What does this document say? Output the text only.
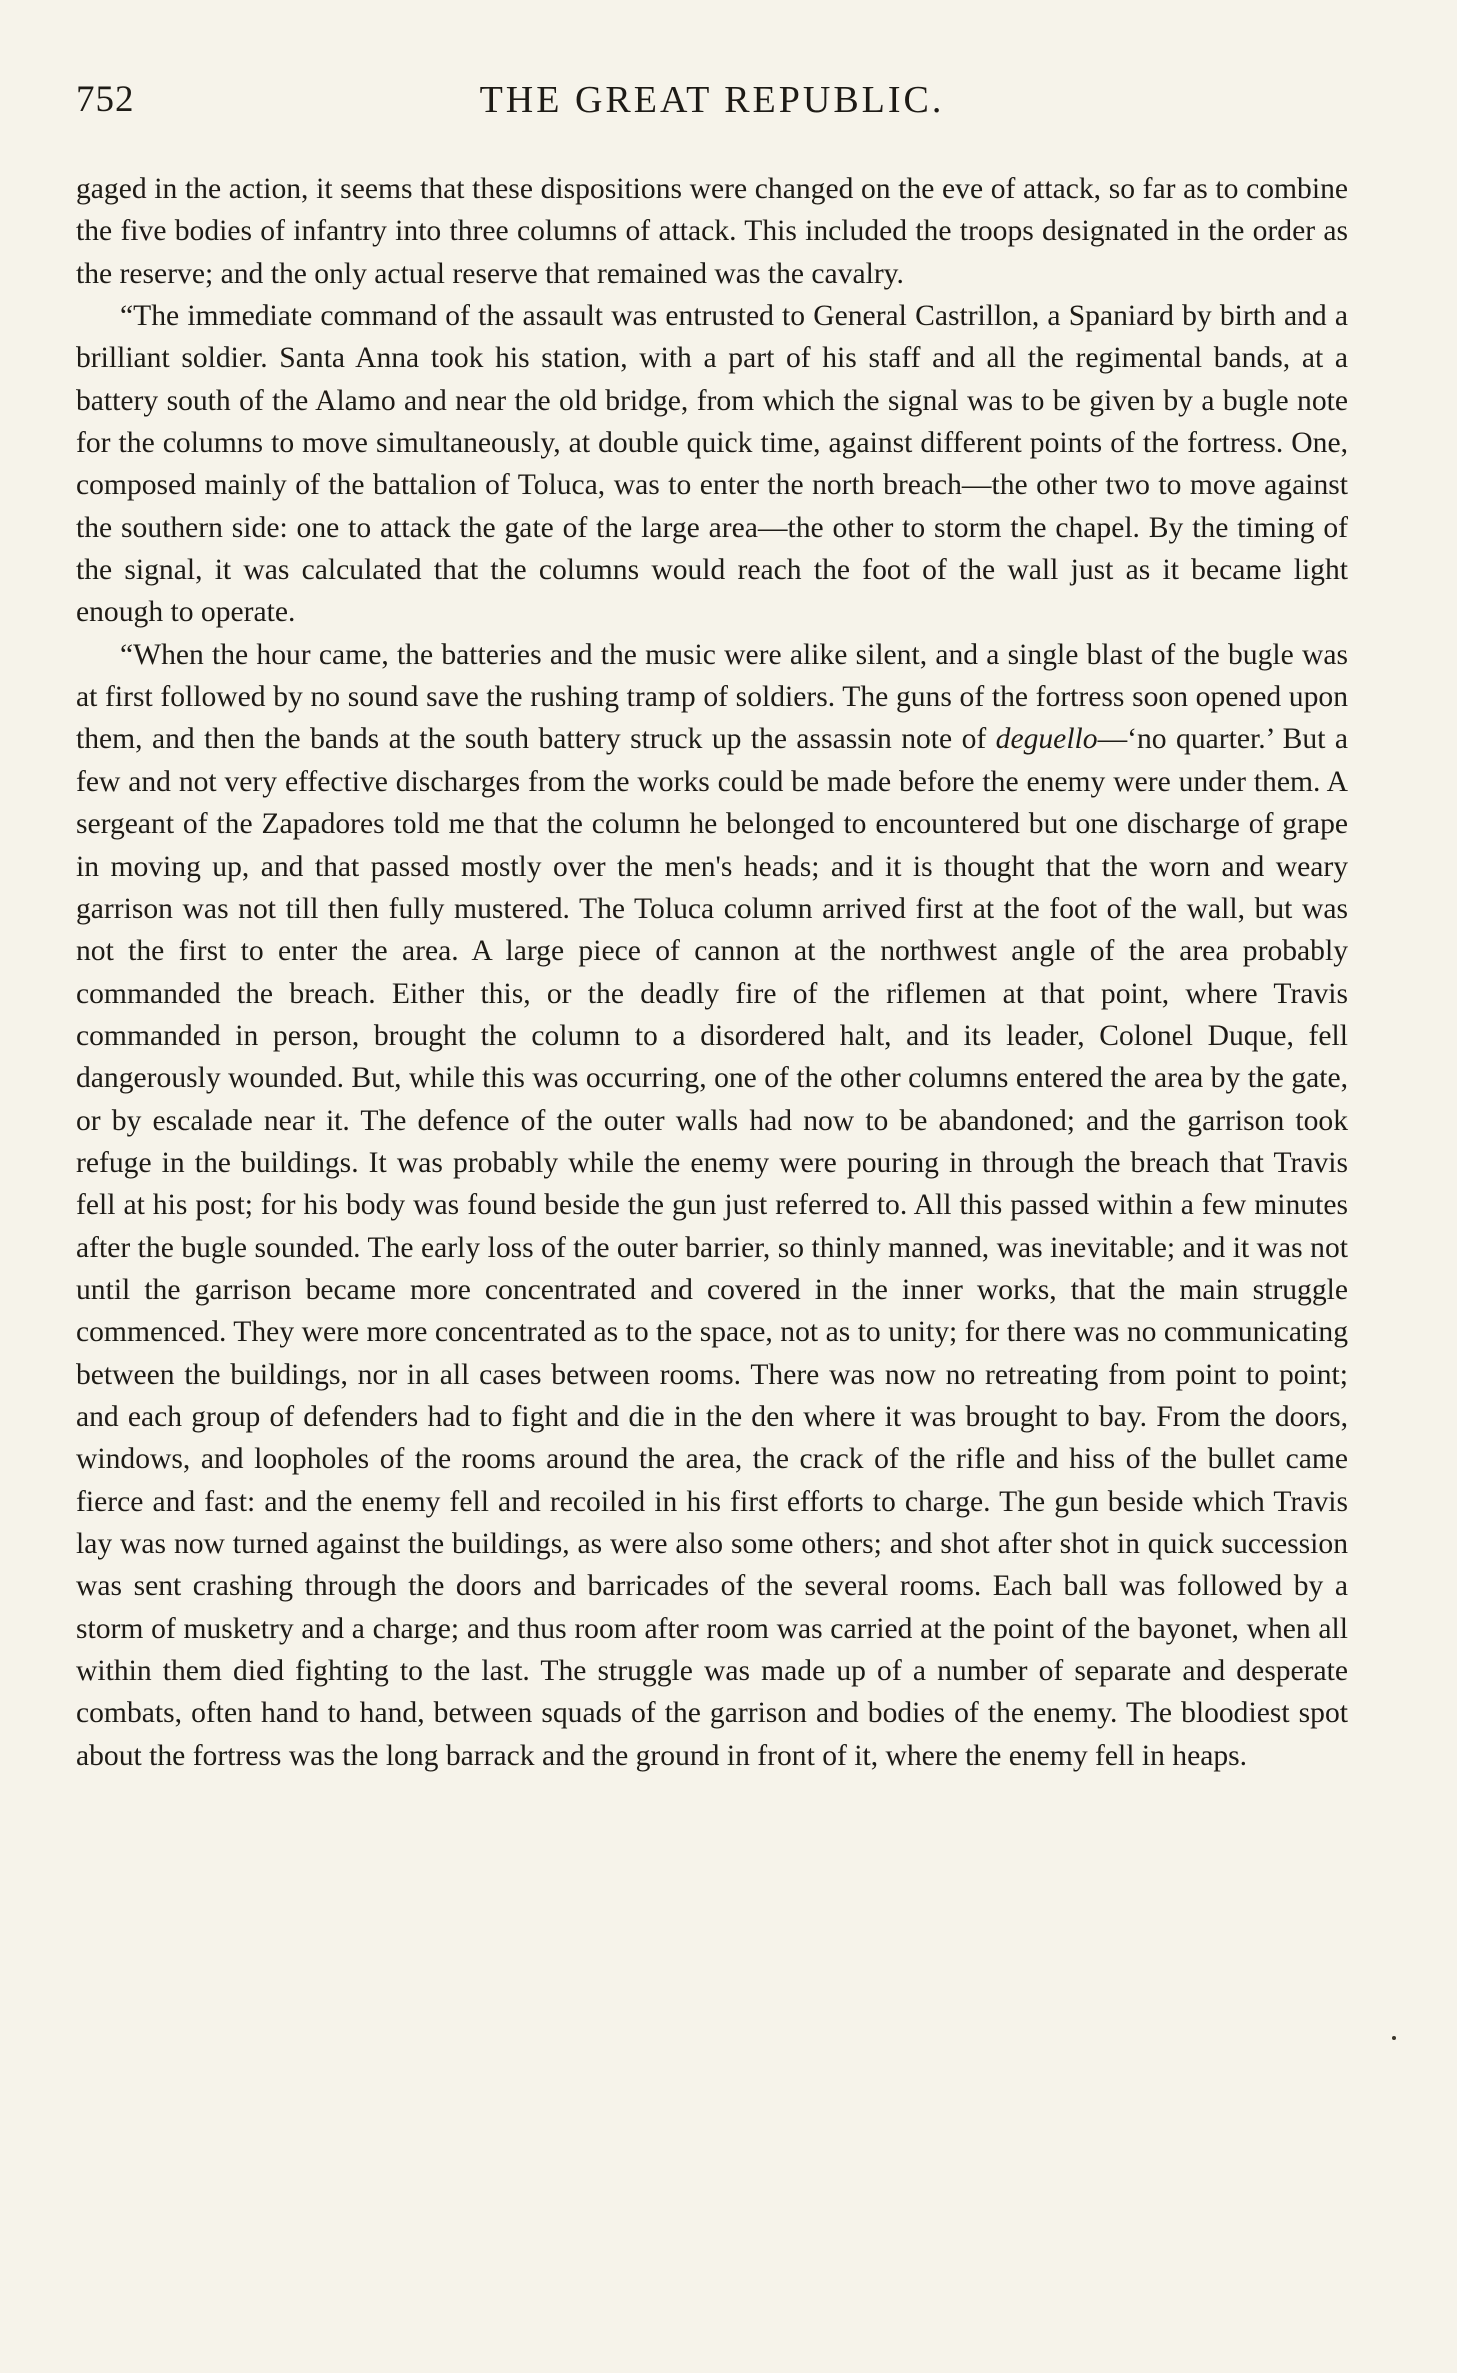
752	THE GREAT REPUBLIC.

gaged in the action, it seems that these dispositions were changed on the eve of attack, so far as to combine the five bodies of infantry into three columns of attack. This included the troops designated in the order as the reserve; and the only actual reserve that remained was the cavalry.

“The immediate command of the assault was entrusted to General Castrillon, a Spaniard by birth and a brilliant soldier. Santa Anna took his station, with a part of his staff and all the regimental bands, at a battery south of the Alamo and near the old bridge, from which the signal was to be given by a bugle note for the columns to move simultaneously, at double quick time, against different points of the fortress. One, composed mainly of the battalion of Toluca, was to enter the north breach—the other two to move against the southern side: one to attack the gate of the large area—the other to storm the chapel. By the timing of the signal, it was calculated that the columns would reach the foot of the wall just as it became light enough to operate.

“When the hour came, the batteries and the music were alike silent, and a single blast of the bugle was at first followed by no sound save the rushing tramp of soldiers. The guns of the fortress soon opened upon them, and then the bands at the south battery struck up the assassin note of deguello—‘no quarter.’ But a few and not very effective discharges from the works could be made before the enemy were under them. A sergeant of the Zapadores told me that the column he belonged to encountered but one discharge of grape in moving up, and that passed mostly over the men's heads; and it is thought that the worn and weary garrison was not till then fully mustered. The Toluca column arrived first at the foot of the wall, but was not the first to enter the area. A large piece of cannon at the northwest angle of the area probably commanded the breach. Either this, or the deadly fire of the riflemen at that point, where Travis commanded in person, brought the column to a disordered halt, and its leader, Colonel Duque, fell dangerously wounded. But, while this was occurring, one of the other columns entered the area by the gate, or by escalade near it. The defence of the outer walls had now to be abandoned; and the garrison took refuge in the buildings. It was probably while the enemy were pouring in through the breach that Travis fell at his post; for his body was found beside the gun just referred to. All this passed within a few minutes after the bugle sounded. The early loss of the outer barrier, so thinly manned, was inevitable; and it was not until the garrison became more concentrated and covered in the inner works, that the main struggle commenced. They were more concentrated as to the space, not as to unity; for there was no communicating between the buildings, nor in all cases between rooms. There was now no retreating from point to point; and each group of defenders had to fight and die in the den where it was brought to bay. From the doors, windows, and loopholes of the rooms around the area, the crack of the rifle and hiss of the bullet came fierce and fast: and the enemy fell and recoiled in his first efforts to charge. The gun beside which Travis lay was now turned against the buildings, as were also some others; and shot after shot in quick succession was sent crashing through the doors and barricades of the several rooms. Each ball was followed by a storm of musketry and a charge; and thus room after room was carried at the point of the bayonet, when all within them died fighting to the last. The struggle was made up of a number of separate and desperate combats, often hand to hand, between squads of the garrison and bodies of the enemy. The bloodiest spot about the fortress was the long barrack and the ground in front of it, where the enemy fell in heaps.
